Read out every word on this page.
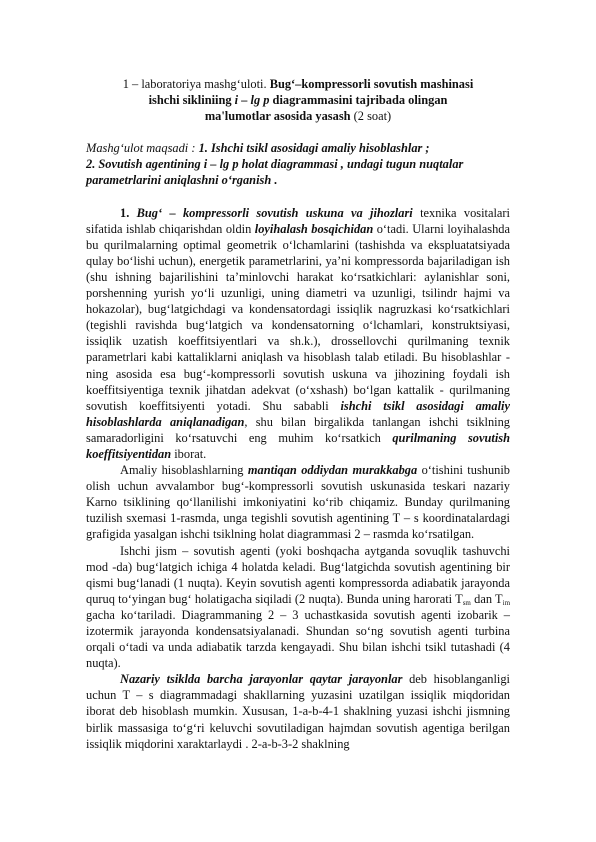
1 – laboratoriya mashg‘uloti. Bug‘–kompressorli sovutish mashinasi
ishchi sikliniing i – lg p diagrammasini tajribada olingan
ma'lumotlar asosida yasash (2 soat)
Mashg‘ulot maqsadi : 1. Ishchi tsikl asosidagi amaliy hisoblashlar ;
2. Sovutish agentining i – lg p holat diagrammasi , undagi tugun nuqtalar
parametrlarini aniqlashni o‘rganish .

1. Bug‘ – kompressorli sovutish uskuna va jihozlari texnika vositalari sifatida ishlab chiqarishdan oldin loyihalash bosqichidan o‘tadi. Ularni loyihalashda bu qurilmalarning optimal geometrik o‘lchamlarini (tashishda va ekspluatatsiyada qulay bo‘lishi uchun), energetik parametrlarini, ya’ni kompressorda bajariladigan ish (shu ishning bajarilishini ta’minlovchi harakat ko‘rsatkichlari: aylanishlar soni, porshenning yurish yo‘li uzunligi, uning diametri va uzunligi, tsilindr hajmi va hokazolar), bug‘latgichdagi va kondensatordagi issiqlik nagruzkasi ko‘rsatkichlari (tegishli ravishda bug‘latgich va kondensatorning o‘lchamlari, konstruktsiyasi, issiqlik uzatish koeffitsiyentlari va sh.k.), drossellovchi qurilmaning texnik parametrlari kabi kattaliklarni aniqlash va hisoblash talab etiladi. Bu hisoblashlar -ning asosida esa bug‘-kompressorli sovutish uskuna va jihozining foydali ish koeffitsiyentiga texnik jihatdan adekvat (o‘xshash) bo‘lgan kattalik - qurilmaning sovutish koeffitsiyenti yotadi. Shu sababli ishchi tsikl asosidagi amaliy hisoblashlarda aniqlanadigan, shu bilan birgalikda tanlangan ishchi tsiklning samaradorligini ko‘rsatuvchi eng muhim ko‘rsatkich qurilmaning sovutish koeffitsiyentidan iborat.

Amaliy hisoblashlarning mantiqan oddiydan murakkabga o‘tishini tushunib olish uchun avvalambor bug‘-kompressorli sovutish uskunasida teskari nazariy Karno tsiklining qo‘llanilishi imkoniyatini ko‘rib chiqamiz. Bunday qurilmaning tuzilish sxemasi 1-rasmda, unga tegishli sovutish agentining T – s koordinatalardagi grafigida yasalgan ishchi tsiklning holat diagrammasi 2 – rasmda ko‘rsatilgan.

Ishchi jism – sovutish agenti (yoki boshqacha aytganda sovuqlik tashuvchi mod -da) bug‘latgich ichiga 4 holatda keladi. Bug‘latgichda sovutish agentining bir qismi bug‘lanadi (1 nuqta). Keyin sovutish agenti kompressorda adiabatik jarayonda quruq to‘yingan bug‘ holatigacha siqiladi (2 nuqta). Bunda uning harorati $T_{sm}$ dan $T_{im}$ gacha ko‘tariladi. Diagrammaning 2 – 3 uchastkasida sovutish agenti izobarik – izotermik jarayonda kondensatsiyalanadi. Shundan so‘ng sovutish agenti turbina orqali o‘tadi va unda adiabatik tarzda kengayadi. Shu bilan ishchi tsikl tutashadi (4 nuqta).

Nazariy tsiklda barcha jarayonlar qaytar jarayonlar deb hisoblanganligi uchun T – s diagrammadagi shakllarning yuzasini uzatilgan issiqlik miqdoridan iborat deb hisoblash mumkin. Xususan, 1-a-b-4-1 shaklning yuzasi ishchi jismning birlik massasiga to‘g‘ri keluvchi sovutiladigan hajmdan sovutish agentiga berilgan issiqlik miqdorini xaraktarlaydi . 2-a-b-3-2 shaklning
